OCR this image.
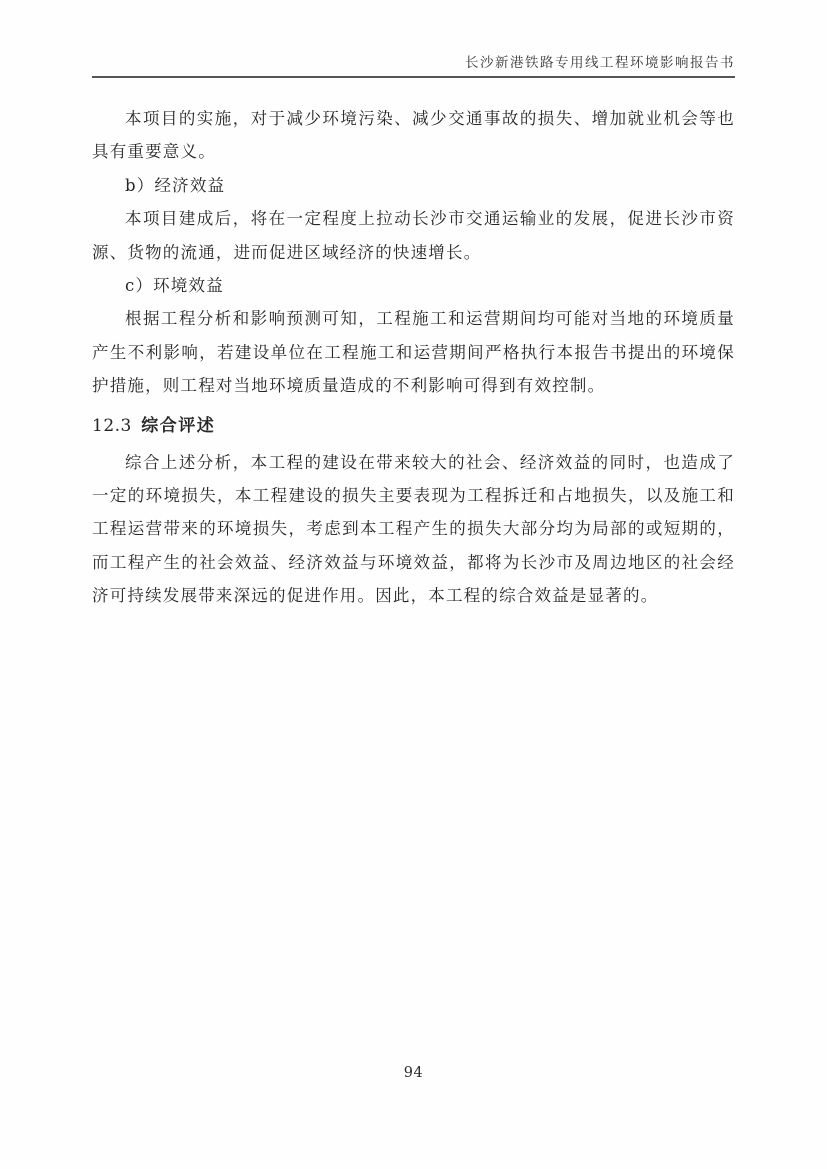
长沙新港铁路专用线工程环境影响报告书

本项目的实施，对于减少环境污染、减少交通事故的损失、增加就业机会等也具有重要意义。

b）经济效益

本项目建成后，将在一定程度上拉动长沙市交通运输业的发展，促进长沙市资源、货物的流通，进而促进区域经济的快速增长。

c）环境效益

根据工程分析和影响预测可知，工程施工和运营期间均可能对当地的环境质量产生不利影响，若建设单位在工程施工和运营期间严格执行本报告书提出的环境保护措施，则工程对当地环境质量造成的不利影响可得到有效控制。

12.3 综合评述

综合上述分析，本工程的建设在带来较大的社会、经济效益的同时，也造成了一定的环境损失，本工程建设的损失主要表现为工程拆迁和占地损失，以及施工和工程运营带来的环境损失，考虑到本工程产生的损失大部分均为局部的或短期的，而工程产生的社会效益、经济效益与环境效益，都将为长沙市及周边地区的社会经济可持续发展带来深远的促进作用。因此，本工程的综合效益是显著的。

94
